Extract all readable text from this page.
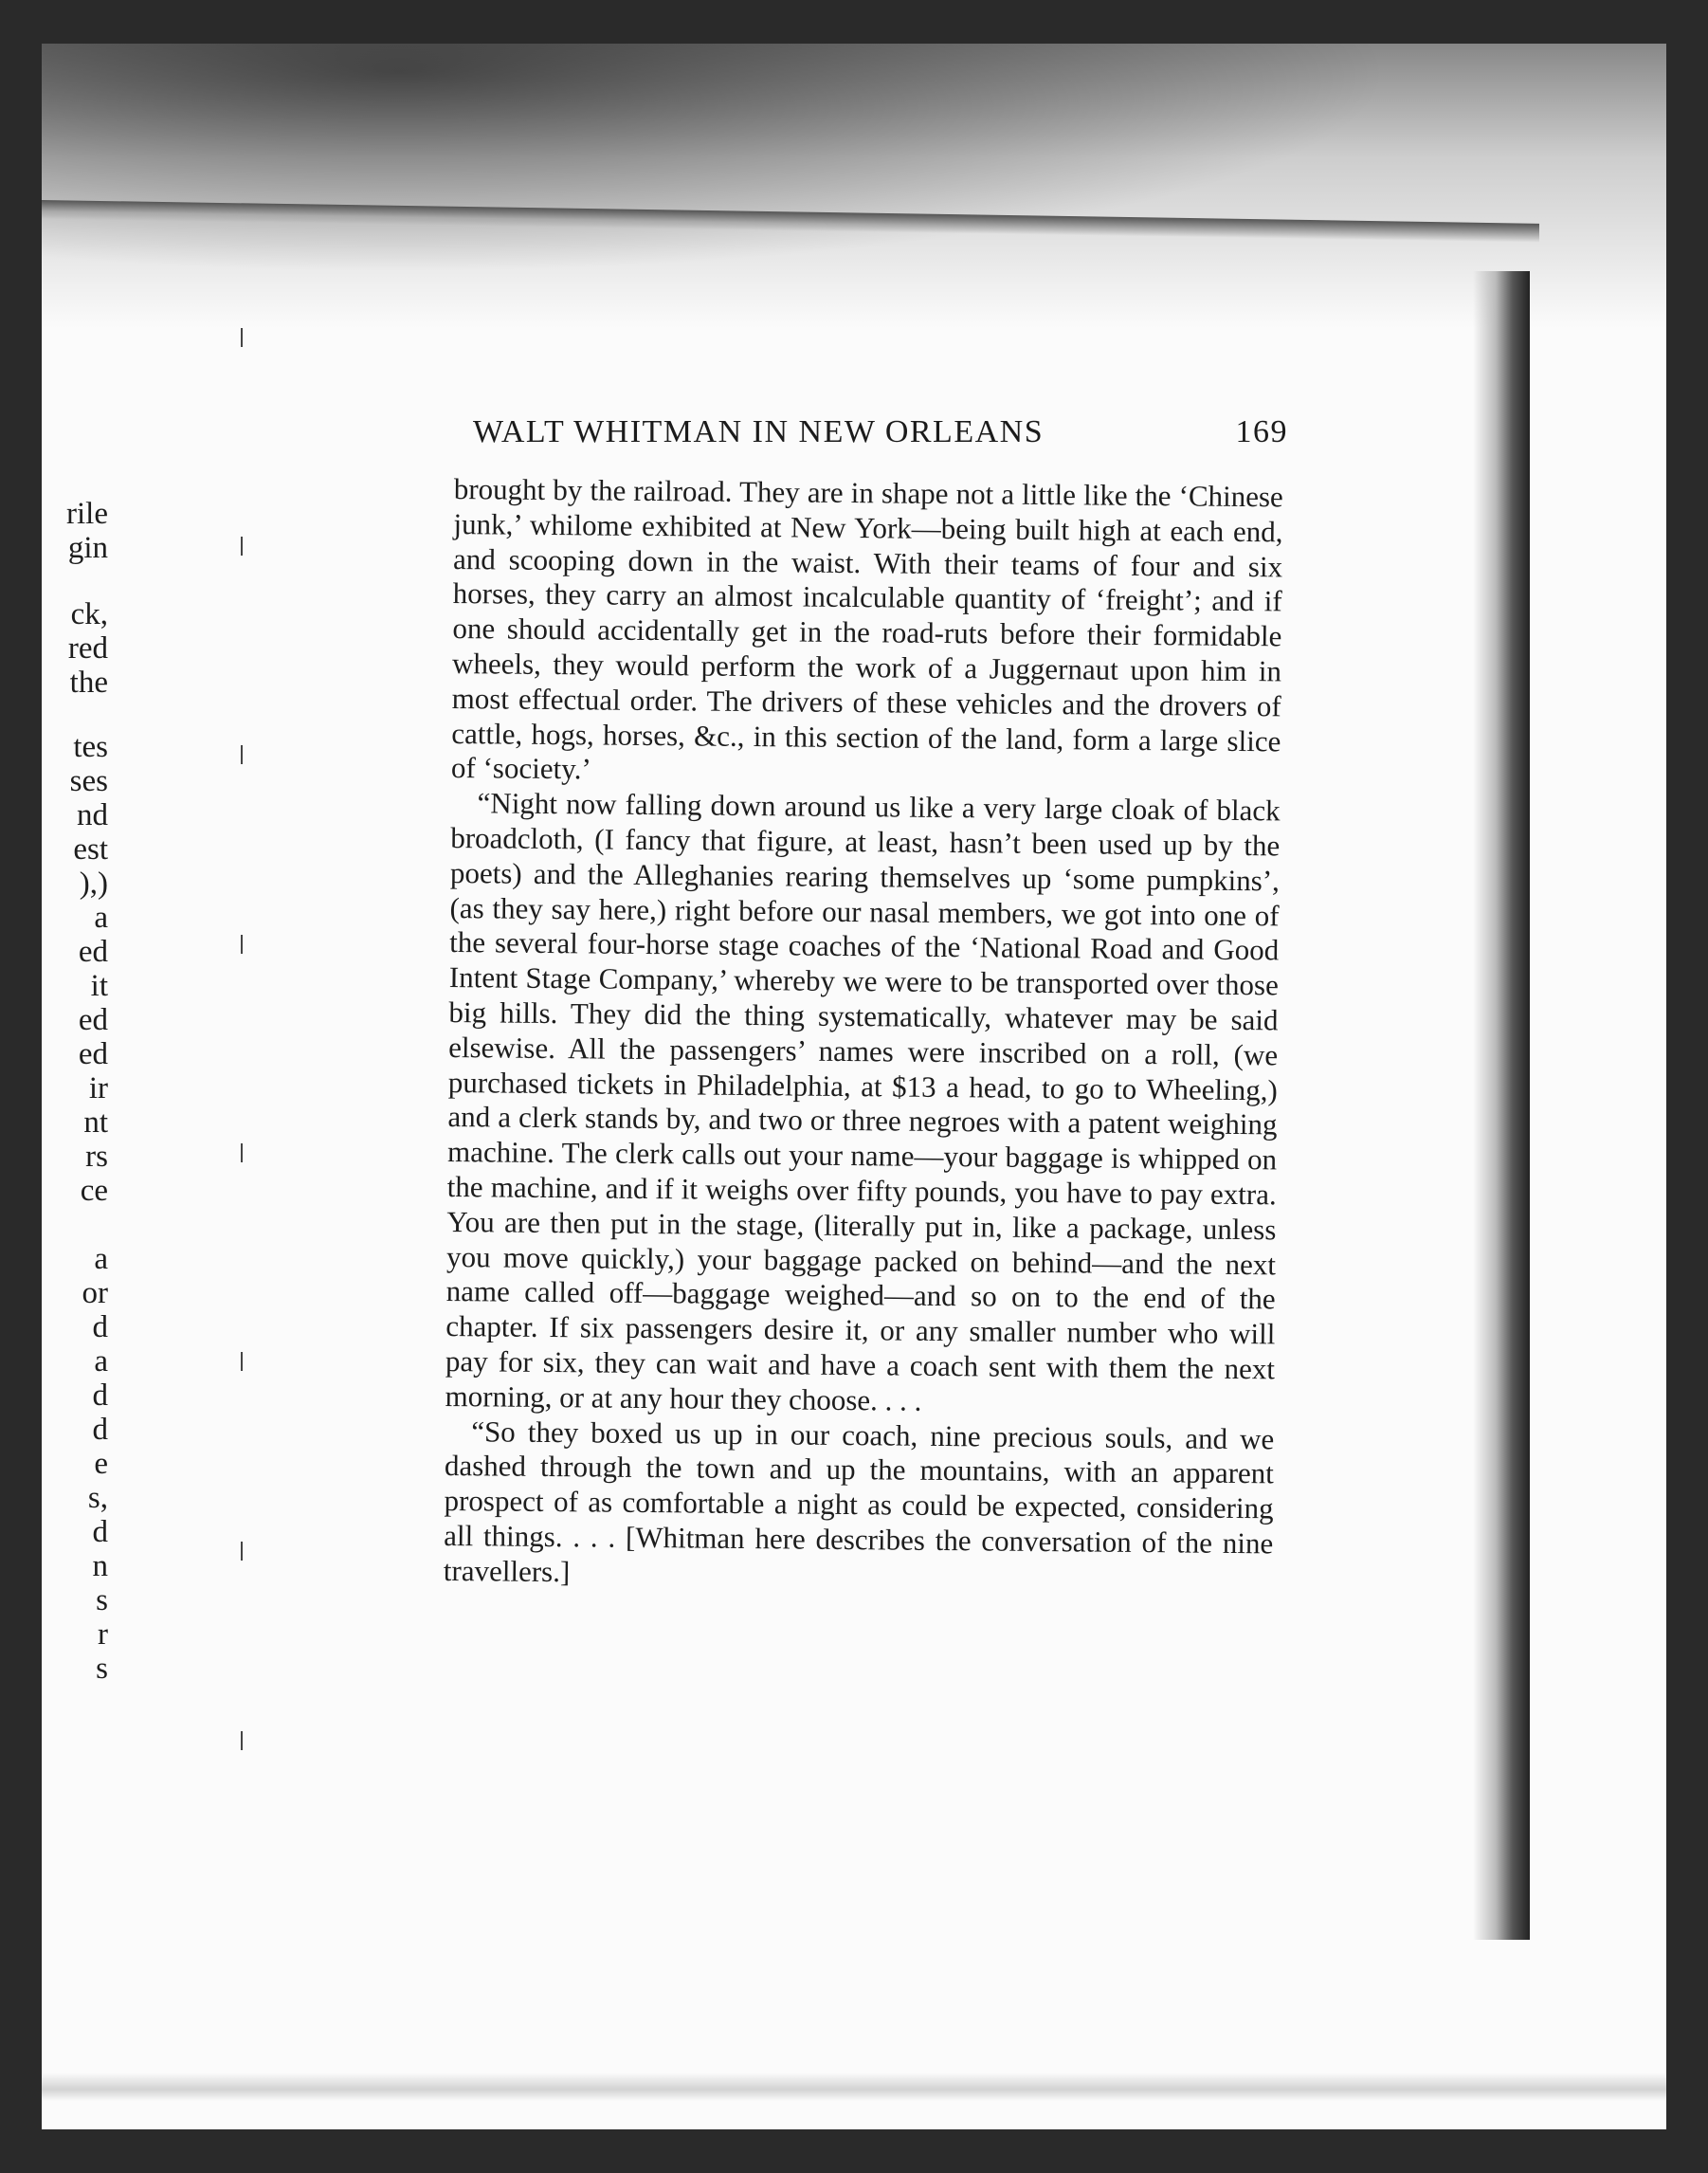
rile
gin
ck,
red
the
tes
ses
nd
est
),)
a
ed
it
ed
ed
ir
nt
rs
ce
a
or
d
a
d
d
e
s,
d
n
s
r
s
WALT WHITMAN IN NEW ORLEANS	169

brought by the railroad. They are in shape not a little like the ‘Chinese junk,’ whilome exhibited at New York—being built high at each end, and scooping down in the waist. With their teams of four and six horses, they carry an almost incalculable quantity of ‘freight’; and if one should accidentally get in the road-ruts before their formidable wheels, they would perform the work of a Juggernaut upon him in most effectual order. The drivers of these vehicles and the drovers of cattle, hogs, horses, &c., in this section of the land, form a large slice of ‘society.’

“Night now falling down around us like a very large cloak of black broadcloth, (I fancy that figure, at least, hasn’t been used up by the poets) and the Alleghanies rearing themselves up ‘some pumpkins’, (as they say here,) right before our nasal members, we got into one of the several four-horse stage coaches of the ‘National Road and Good Intent Stage Company,’ whereby we were to be transported over those big hills. They did the thing systematically, whatever may be said elsewise. All the passengers’ names were inscribed on a roll, (we purchased tickets in Philadelphia, at $13 a head, to go to Wheeling,) and a clerk stands by, and two or three negroes with a patent weighing machine. The clerk calls out your name—your baggage is whipped on the machine, and if it weighs over fifty pounds, you have to pay extra. You are then put in the stage, (literally put in, like a package, unless you move quickly,) your baggage packed on behind—and the next name called off—baggage weighed—and so on to the end of the chapter. If six passengers desire it, or any smaller number who will pay for six, they can wait and have a coach sent with them the next morning, or at any hour they choose. . . .

“So they boxed us up in our coach, nine precious souls, and we dashed through the town and up the mountains, with an apparent prospect of as comfortable a night as could be expected, considering all things. . . . [Whitman here describes the conversation of the nine travellers.]
